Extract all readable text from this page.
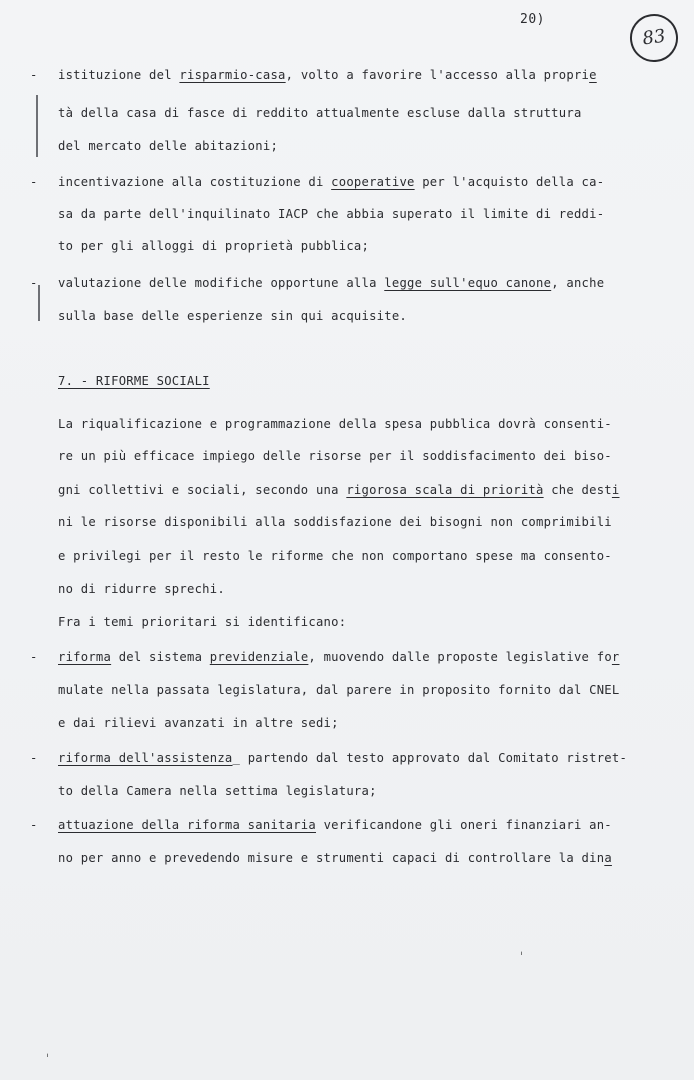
20)
83
- istituzione del risparmio-casa, volto a favorire l'accesso alla proprie
tà della casa di fasce di reddito attualmente escluse dalla struttura
del mercato delle abitazioni;
- incentivazione alla costituzione di cooperative per l'acquisto della ca-
sa da parte dell'inquilinato IACP che abbia superato il limite di reddi-
to per gli alloggi di proprietà pubblica;
- valutazione delle modifiche opportune alla legge sull'equo canone, anche
sulla base delle esperienze sin qui acquisite.
7. - RIFORME SOCIALI
La riqualificazione e programmazione della spesa pubblica dovrà consenti-
re un più efficace impiego delle risorse per il soddisfacimento dei biso-
gni collettivi e sociali, secondo una rigorosa scala di priorità che desti
ni le risorse disponibili alla soddisfazione dei bisogni non comprimibili
e privilegi per il resto le riforme che non comportano spese ma consento-
no di ridurre sprechi.
Fra i temi prioritari si identificano:
- riforma del sistema previdenziale, muovendo dalle proposte legislative for
mulate nella passata legislatura, dal parere in proposito fornito dal CNEL
e dai rilievi avanzati in altre sedi;
- riforma dell'assistenza_ partendo dal testo approvato dal Comitato ristret-
to della Camera nella settima legislatura;
- attuazione della riforma sanitaria verificandone gli oneri finanziari an-
no per anno e prevedendo misure e strumenti capaci di controllare la dina
ˌ
ˌ
